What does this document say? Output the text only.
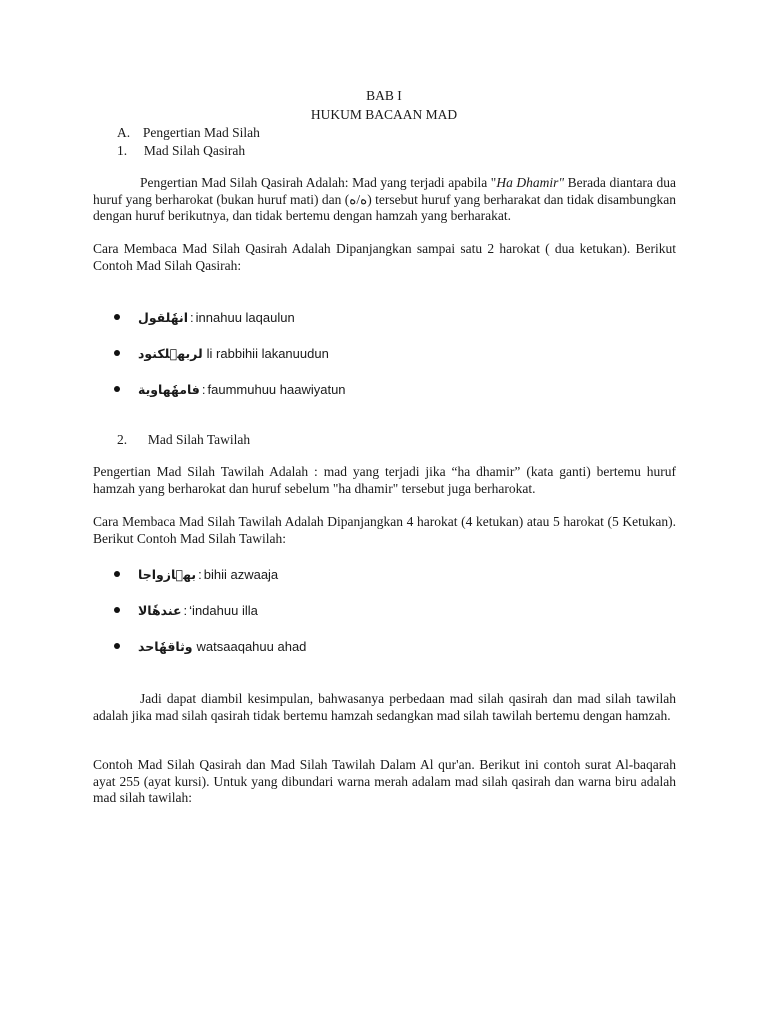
BAB I
HUKUM BACAAN MAD
A. Pengertian Mad Silah
1. Mad Silah Qasirah

Pengertian Mad Silah Qasirah Adalah: Mad yang terjadi apabila "Ha Dhamir" Berada diantara dua huruf yang berharokat (bukan huruf mati) dan (ه/ه) tersebut huruf yang berharakat dan tidak disambungkan dengan huruf berikutnya, dan tidak bertemu dengan hamzah yang berharakat.

Cara Membaca Mad Silah Qasirah Adalah Dipanjangkan sampai satu 2 harokat ( dua ketukan). Berikut Contoh Mad Silah Qasirah:

انهلقول	: innahuu laqaulun
لربهلكنود	li rabbihii lakanuudun
فامههاوية	: faummuhuu haawiyatun
2. Mad Silah Tawilah

Pengertian Mad Silah Tawilah Adalah : mad yang terjadi jika “ha dhamir” (kata ganti) bertemu huruf hamzah yang berharokat dan huruf sebelum "ha dhamir" tersebut juga berharokat.

Cara Membaca Mad Silah Tawilah Adalah Dipanjangkan 4 harokat (4 ketukan) atau 5 harokat (5 Ketukan). Berikut Contoh Mad Silah Tawilah:

بهازواجا	: bihii azwaaja
عندهالا	: ‘indahuu illa
وثاقهاحد	watsaaqahuu ahad

Jadi dapat diambil kesimpulan, bahwasanya perbedaan mad silah qasirah dan mad silah tawilah adalah jika mad silah qasirah tidak bertemu hamzah sedangkan mad silah tawilah bertemu dengan hamzah.

Contoh Mad Silah Qasirah dan Mad Silah Tawilah Dalam Al qur'an. Berikut ini contoh surat Al-baqarah ayat 255 (ayat kursi). Untuk yang dibundari warna merah adalam mad silah qasirah dan warna biru adalah mad silah tawilah:
